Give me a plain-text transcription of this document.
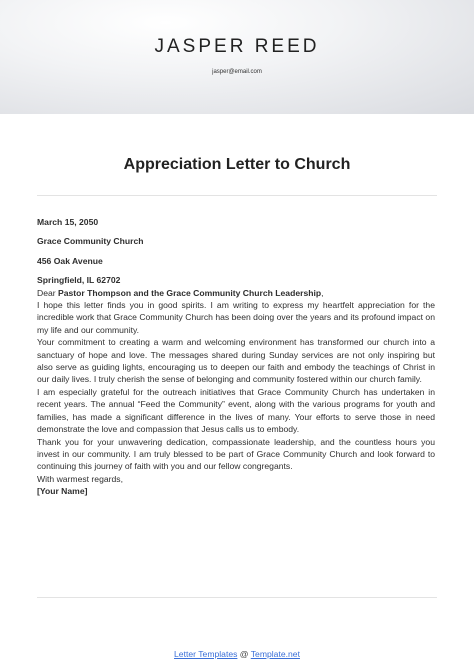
JASPER REED
jasper@email.com
Appreciation Letter to Church
March 15, 2050
Grace Community Church
456 Oak Avenue
Springfield, IL 62702
Dear Pastor Thompson and the Grace Community Church Leadership,

I hope this letter finds you in good spirits. I am writing to express my heartfelt appreciation for the incredible work that Grace Community Church has been doing over the years and its profound impact on my life and our community.

Your commitment to creating a warm and welcoming environment has transformed our church into a sanctuary of hope and love. The messages shared during Sunday services are not only inspiring but also serve as guiding lights, encouraging us to deepen our faith and embody the teachings of Christ in our daily lives. I truly cherish the sense of belonging and community fostered within our church family.

I am especially grateful for the outreach initiatives that Grace Community Church has undertaken in recent years. The annual “Feed the Community” event, along with the various programs for youth and families, has made a significant difference in the lives of many. Your efforts to serve those in need demonstrate the love and compassion that Jesus calls us to embody.

Thank you for your unwavering dedication, compassionate leadership, and the countless hours you invest in our community. I am truly blessed to be part of Grace Community Church and look forward to continuing this journey of faith with you and our fellow congregants.

With warmest regards,
[Your Name]
Letter Templates @ Template.net
